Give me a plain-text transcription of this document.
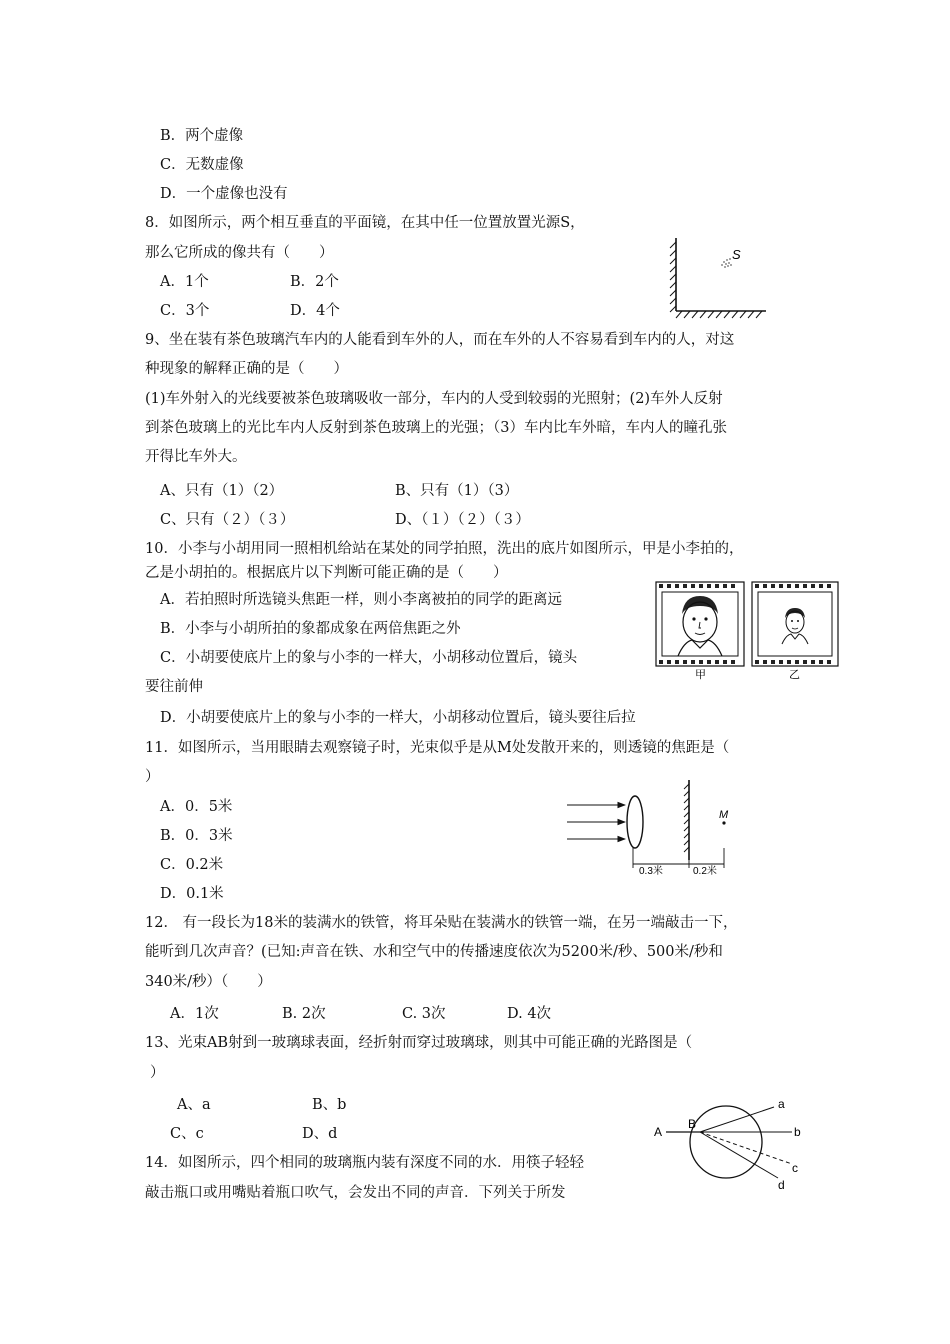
B．两个虚像
C．无数虚像
D．一个虚像也没有
8．如图所示，两个相互垂直的平面镜，在其中任一位置放置光源S，
那么它所成的像共有（　　）
A．1个	B．2个
C．3个	D．4个
9、坐在装有茶色玻璃汽车内的人能看到车外的人，而在车外的人不容易看到车内的人，对这
种现象的解释正确的是（　　）
(1)车外射入的光线要被茶色玻璃吸收一部分，车内的人受到较弱的光照射；(2)车外人反射
到茶色玻璃上的光比车内人反射到茶色玻璃上的光强；（3）车内比车外暗，车内人的瞳孔张
开得比车外大。
A、只有（1）（2）	B、只有（1）（3）
C、只有（２）（３）	D、（１）（２）（３）
10．小李与小胡用同一照相机给站在某处的同学拍照，洗出的底片如图所示，甲是小李拍的，
乙是小胡拍的。根据底片以下判断可能正确的是（　　）
A．若拍照时所选镜头焦距一样，则小李离被拍的同学的距离远
B．小李与小胡所拍的象都成象在两倍焦距之外
C．小胡要使底片上的象与小李的一样大，小胡移动位置后，镜头
要往前伸
D．小胡要使底片上的象与小李的一样大，小胡移动位置后，镜头要往后拉
11．如图所示，当用眼睛去观察镜子时，光束似乎是从M处发散开来的，则透镜的焦距是（
）
A．0．5米
B．0．3米
C．0.2米
D．0.1米
12． 有一段长为18米的装满水的铁管，将耳朵贴在装满水的铁管一端，在另一端敲击一下，
能听到几次声音？(已知:声音在铁、水和空气中的传播速度依次为5200米/秒、500米/秒和
340米/秒）（　　）
A．1次	B. 2次	C. 3次	D. 4次
13、光束AB射到一玻璃球表面，经折射而穿过玻璃球，则其中可能正确的光路图是（
）
A、a	B、b
C、c	D、d
14．如图所示，四个相同的玻璃瓶内装有深度不同的水．用筷子轻轻
敲击瓶口或用嘴贴着瓶口吹气，会发出不同的声音．下列关于所发
S
甲	乙
M
0.3米	0.2米
A
B
a
b
c
d
